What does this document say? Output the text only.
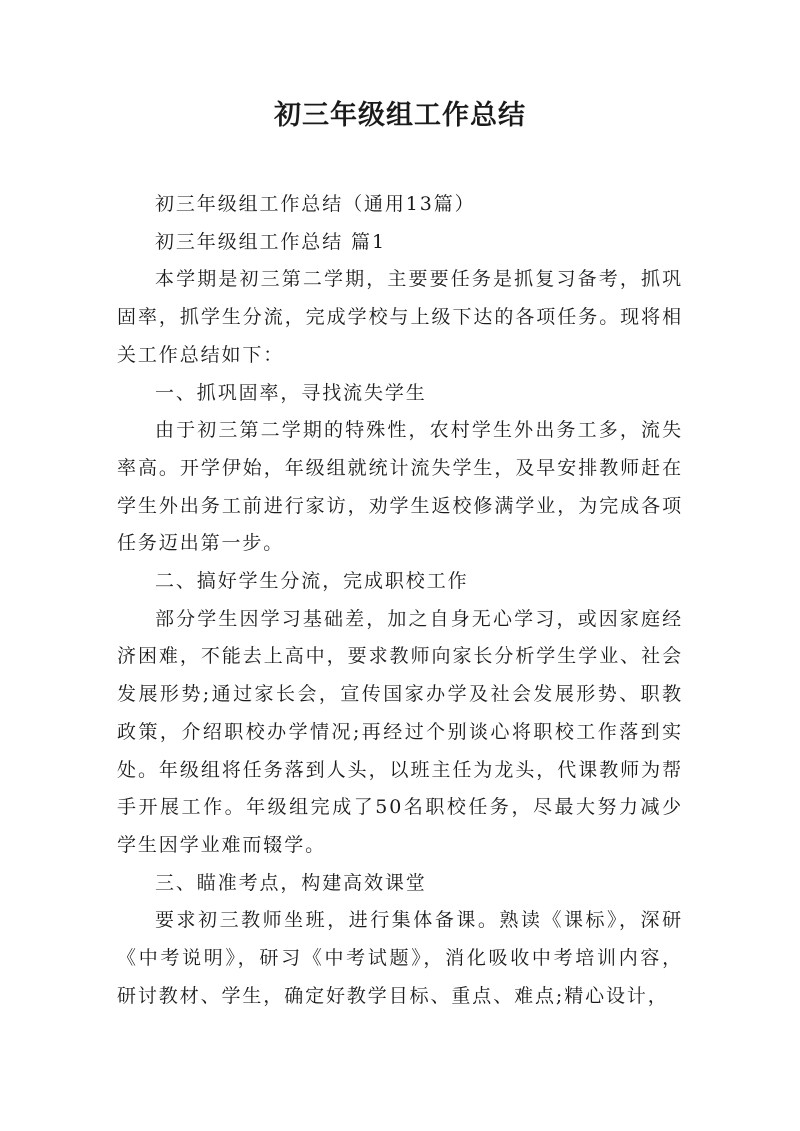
初三年级组工作总结

初三年级组工作总结（通用13篇）

初三年级组工作总结 篇1

本学期是初三第二学期，主要要任务是抓复习备考，抓巩固率，抓学生分流，完成学校与上级下达的各项任务。现将相关工作总结如下：

一、抓巩固率，寻找流失学生

由于初三第二学期的特殊性，农村学生外出务工多，流失率高。开学伊始，年级组就统计流失学生，及早安排教师赶在学生外出务工前进行家访，劝学生返校修满学业，为完成各项任务迈出第一步。

二、搞好学生分流，完成职校工作

部分学生因学习基础差，加之自身无心学习，或因家庭经济困难，不能去上高中，要求教师向家长分析学生学业、社会发展形势;通过家长会，宣传国家办学及社会发展形势、职教政策，介绍职校办学情况;再经过个别谈心将职校工作落到实处。年级组将任务落到人头，以班主任为龙头，代课教师为帮手开展工作。年级组完成了50名职校任务，尽最大努力减少学生因学业难而辍学。

三、瞄准考点，构建高效课堂

要求初三教师坐班，进行集体备课。熟读《课标》，深研《中考说明》，研习《中考试题》，消化吸收中考培训内容，研讨教材、学生，确定好教学目标、重点、难点;精心设计，
